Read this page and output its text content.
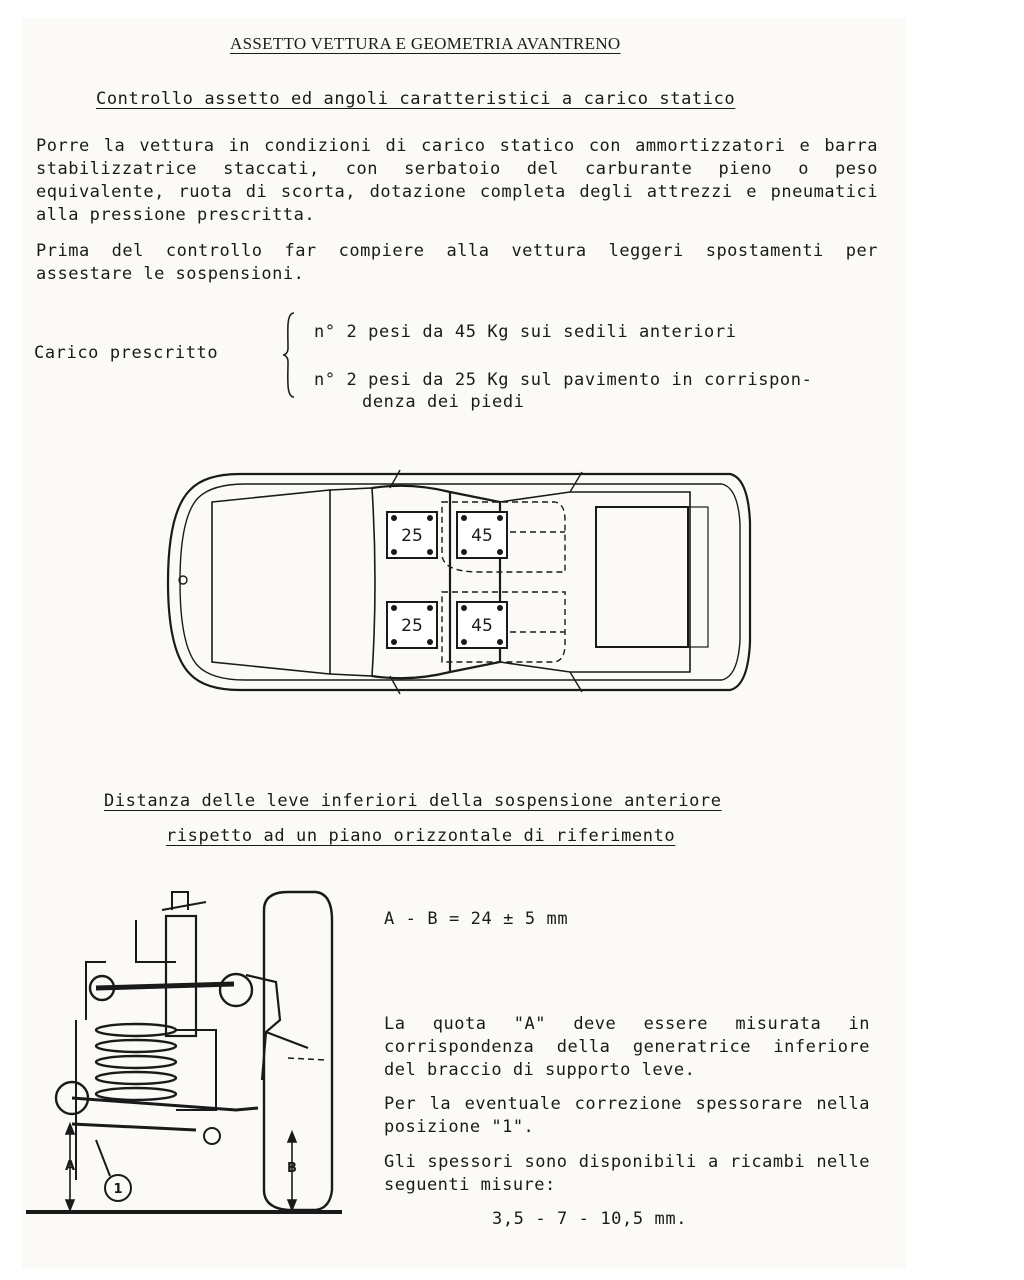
ASSETTO VETTURA E GEOMETRIA AVANTRENO
Controllo assetto ed angoli caratteristici a carico statico
Porre la vettura in condizioni di carico statico con ammortizzatori e barra stabilizzatrice staccati, con serbatoio del carburante pieno o peso equivalente, ruota di scorta, dotazione completa degli attrezzi e pneumatici alla pressione prescritta.
Prima del controllo far compiere alla vettura leggeri spostamenti per assestare le sospensioni.
Carico prescritto
n° 2 pesi da 45 Kg sui sedili anteriori
n° 2 pesi da 25 Kg sul pavimento in corrispon-
denza dei piedi
25	45
25	45
Distanza delle leve inferiori della sospensione anteriore
rispetto ad un piano orizzontale di riferimento
A	B
1
A - B = 24 ± 5 mm
La quota "A" deve essere misurata in corrispondenza della generatrice inferiore del braccio di supporto leve.
Per la eventuale correzione spessorare nella posizione "1".
Gli spessori sono disponibili a ricambi nelle seguenti misure:
3,5 - 7 - 10,5 mm.
